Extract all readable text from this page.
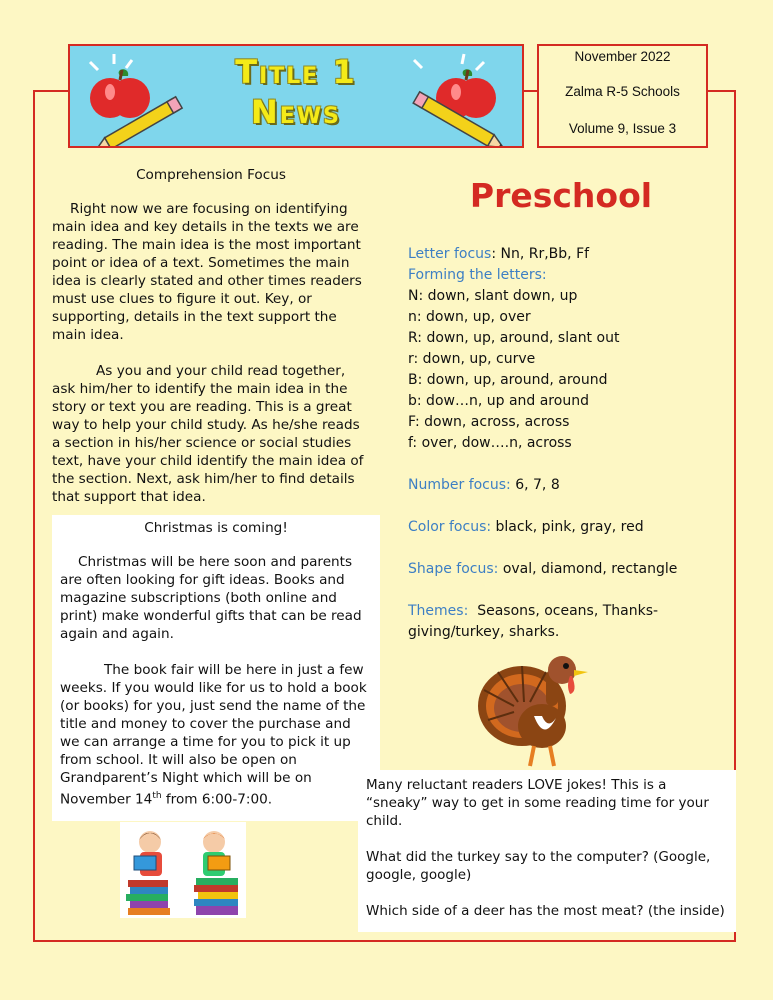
Title 1
News
November 2022
Zalma R-5 Schools
Volume 9, Issue 3
Comprehension Focus

Right now we are focusing on identifying main idea and key details in the texts we are reading. The main idea is the most important point or idea of a text. Sometimes the main idea is clearly stated and other times readers must use clues to figure it out. Key, or supporting, details in the text support the main idea.

As you and your child read together, ask him/her to identify the main idea in the story or text you are reading. This is a great way to help your child study. As he/she reads a section in his/her science or social studies text, have your child identify the main idea of the section. Next, ask him/her to find details that support that idea.

Christmas is coming!

Christmas will be here soon and parents are often looking for gift ideas. Books and magazine subscriptions (both online and print) make wonderful gifts that can be read again and again.

The book fair will be here in just a few weeks. If you would like for us to hold a book (or books) for you, just send the name of the title and money to cover the purchase and we can arrange a time for you to pick it up from school. It will also be open on Grandparent’s Night which will be on November 14th from 6:00-7:00.

Preschool
Letter focus: Nn, Rr,Bb, Ff
Forming the letters:
N: down, slant down, up
n: down, up, over
R: down, up, around, slant out
r: down, up, curve
B: down, up, around, around
b: dow…n, up and around
F: down, across, across
f: over, dow….n, across
Number focus: 6, 7, 8
Color focus: black, pink, gray, red
Shape focus: oval, diamond, rectangle
Themes:  Seasons, oceans, Thanks-giving/turkey, sharks.

Many reluctant readers LOVE jokes! This is a “sneaky” way to get in some reading time for your child.

What did the turkey say to the computer? (Google, google, google)

Which side of a deer has the most meat? (the inside)
